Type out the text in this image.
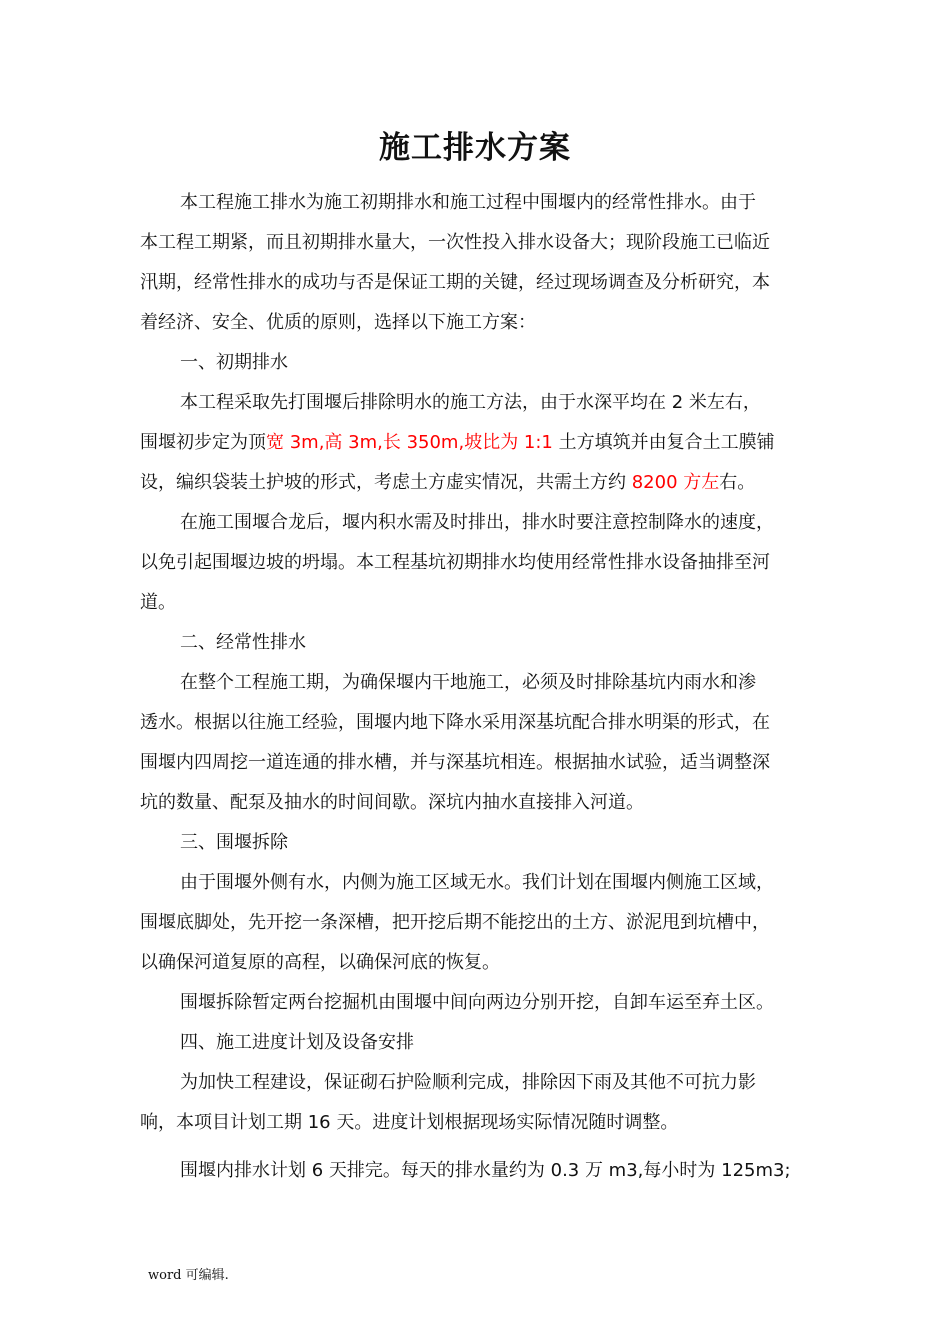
施工排水方案

本工程施工排水为施工初期排水和施工过程中围堰内的经常性排水。由于

本工程工期紧，而且初期排水量大，一次性投入排水设备大；现阶段施工已临近

汛期，经常性排水的成功与否是保证工期的关键，经过现场调查及分析研究，本

着经济、安全、优质的原则，选择以下施工方案：

一、初期排水

本工程采取先打围堰后排除明水的施工方法，由于水深平均在 2 米左右，

围堰初步定为顶宽 3m,高 3m,长 350m,坡比为 1:1 土方填筑并由复合土工膜铺

设，编织袋装土护坡的形式，考虑土方虚实情况，共需土方约 8200 方左右。

在施工围堰合龙后，堰内积水需及时排出，排水时要注意控制降水的速度，

以免引起围堰边坡的坍塌。本工程基坑初期排水均使用经常性排水设备抽排至河

道。

二、经常性排水

在整个工程施工期，为确保堰内干地施工，必须及时排除基坑内雨水和渗

透水。根据以往施工经验，围堰内地下降水采用深基坑配合排水明渠的形式，在

围堰内四周挖一道连通的排水槽，并与深基坑相连。根据抽水试验，适当调整深

坑的数量、配泵及抽水的时间间歇。深坑内抽水直接排入河道。

三、围堰拆除

由于围堰外侧有水，内侧为施工区域无水。我们计划在围堰内侧施工区域，

围堰底脚处，先开挖一条深槽，把开挖后期不能挖出的土方、淤泥甩到坑槽中，

以确保河道复原的高程，以确保河底的恢复。

围堰拆除暂定两台挖掘机由围堰中间向两边分别开挖，自卸车运至弃土区。

四、施工进度计划及设备安排

为加快工程建设，保证砌石护险顺利完成，排除因下雨及其他不可抗力影

响，本项目计划工期 16 天。进度计划根据现场实际情况随时调整。

围堰内排水计划 6 天排完。每天的排水量约为 0.3 万 m3,每小时为 125m3;

word 可编辑.
